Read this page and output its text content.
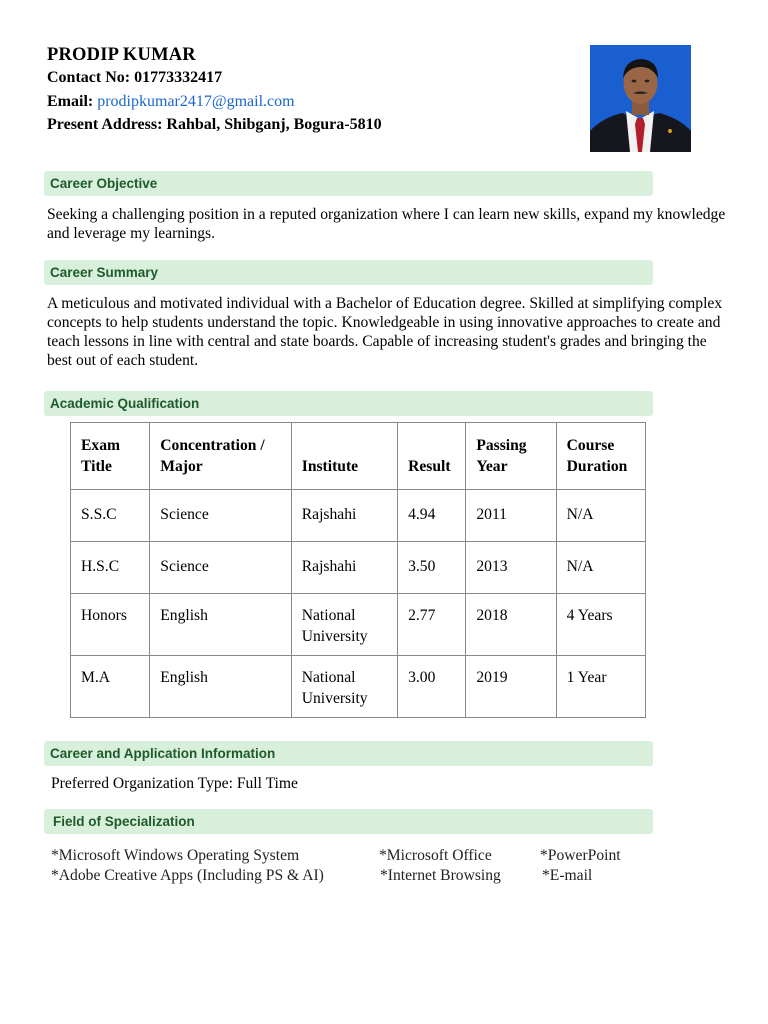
PRODIP KUMAR
Contact No: 01773332417
Email: prodipkumar2417@gmail.com
Present Address: Rahbal, Shibganj, Bogura-5810
Career Objective
Seeking a challenging position in a reputed organization where I can learn new skills, expand my knowledge and leverage my learnings.
Career Summary
A meticulous and motivated individual with a Bachelor of Education degree. Skilled at simplifying complex concepts to help students understand the topic. Knowledgeable in using innovative approaches to create and teach lessons in line with central and state boards. Capable of increasing student's grades and bringing the best out of each student.
Academic Qualification
Exam Title	Concentration / Major	Institute	Result	Passing Year	Course Duration
S.S.C	Science	Rajshahi	4.94	2011	N/A
H.S.C	Science	Rajshahi	3.50	2013	N/A
Honors	English	National University	2.77	2018	4 Years
M.A	English	National University	3.00	2019	1 Year
Career and Application Information
Preferred Organization Type: Full Time
Field of Specialization
*Microsoft Windows Operating System	*Microsoft Office	*PowerPoint
*Adobe Creative Apps (Including PS & AI)	*Internet Browsing	*E-mail
